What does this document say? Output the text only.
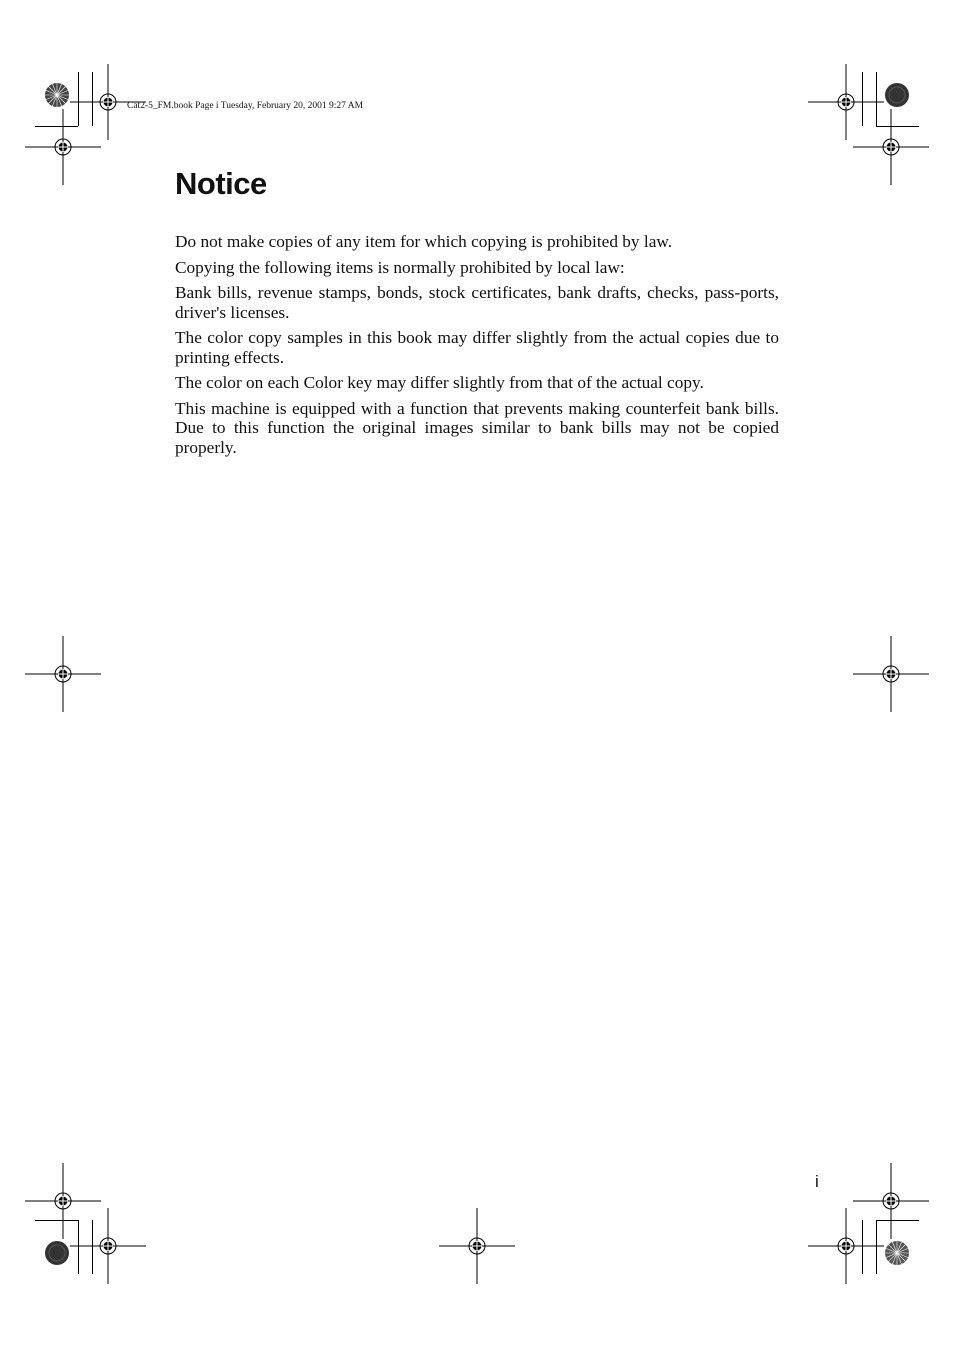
Cat2-5_FM.book Page i Tuesday, February 20, 2001 9:27 AM
Notice

Do not make copies of any item for which copying is prohibited by law.

Copying the following items is normally prohibited by local law:

Bank bills, revenue stamps, bonds, stock certificates, bank drafts, checks, pass-ports, driver's licenses.

The color copy samples in this book may differ slightly from the actual copies due to printing effects.

The color on each Color key may differ slightly from that of the actual copy.

This machine is equipped with a function that prevents making counterfeit bank bills. Due to this function the original images similar to bank bills may not be copied properly.

i
